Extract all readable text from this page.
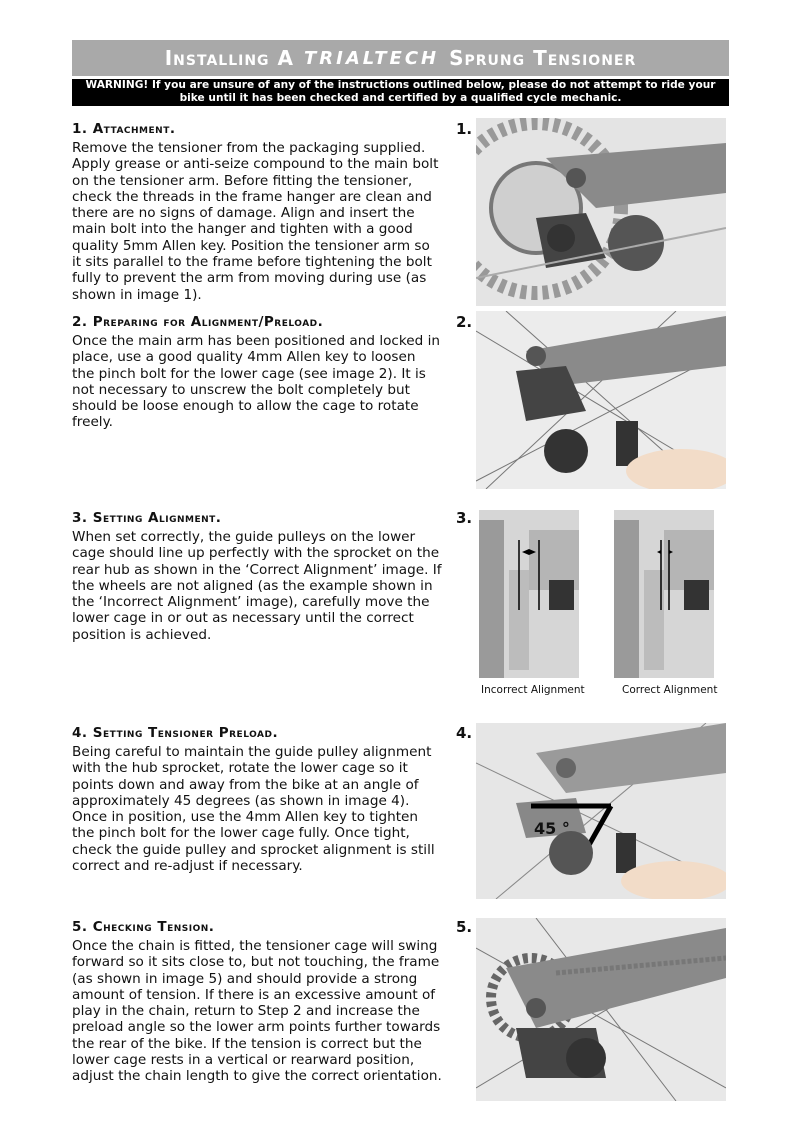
Installing A TRIALTECH Sprung Tensioner
WARNING! If you are unsure of any of the instructions outlined below, please do not attempt to ride your bike until it has been checked and certified by a qualified cycle mechanic.
1. Attachment.

Remove the tensioner from the packaging supplied. Apply grease or anti-seize compound to the main bolt on the tensioner arm. Before fitting the tensioner, check the threads in the frame hanger are clean and there are no signs of damage. Align and insert the main bolt into the hanger and tighten with a good quality 5mm Allen key. Position the tensioner arm so it sits parallel to the frame before tightening the bolt fully to prevent the arm from moving during use (as shown in image 1).

1.
2. Preparing for Alignment/Preload.

Once the main arm has been positioned and locked in place, use a good quality 4mm Allen key to loosen the pinch bolt for the lower cage (see image 2). It is not necessary to unscrew the bolt completely but should be loose enough to allow the cage to rotate freely.

2.
3. Setting Alignment.

When set correctly, the guide pulleys on the lower cage should line up perfectly with the sprocket on the rear hub as shown in the ‘Correct Alignment’ image. If the wheels are not aligned (as the example shown in the ‘Incorrect Alignment’ image), carefully move the lower cage in or out as necessary until the correct position is achieved.

3.
Incorrect Alignment	Correct Alignment
4. Setting Tensioner Preload.

Being careful to maintain the guide pulley alignment with the hub sprocket, rotate the lower cage so it points down and away from the bike at an angle of approximately 45 degrees (as shown in image 4). Once in position, use the 4mm Allen key to tighten the pinch bolt for the lower cage fully. Once tight, check the guide pulley and sprocket alignment is still correct and re-adjust if necessary.

4.
45 °
5. Checking Tension.

Once the chain is fitted, the tensioner cage will swing forward so it sits close to, but not touching, the frame (as shown in image 5) and should provide a strong amount of tension. If there is an excessive amount of play in the chain, return to Step 2 and increase the preload angle so the lower arm points further towards the rear of the bike. If the tension is correct but the lower cage rests in a vertical or rearward position, adjust the chain length to give the correct orientation.

5.
